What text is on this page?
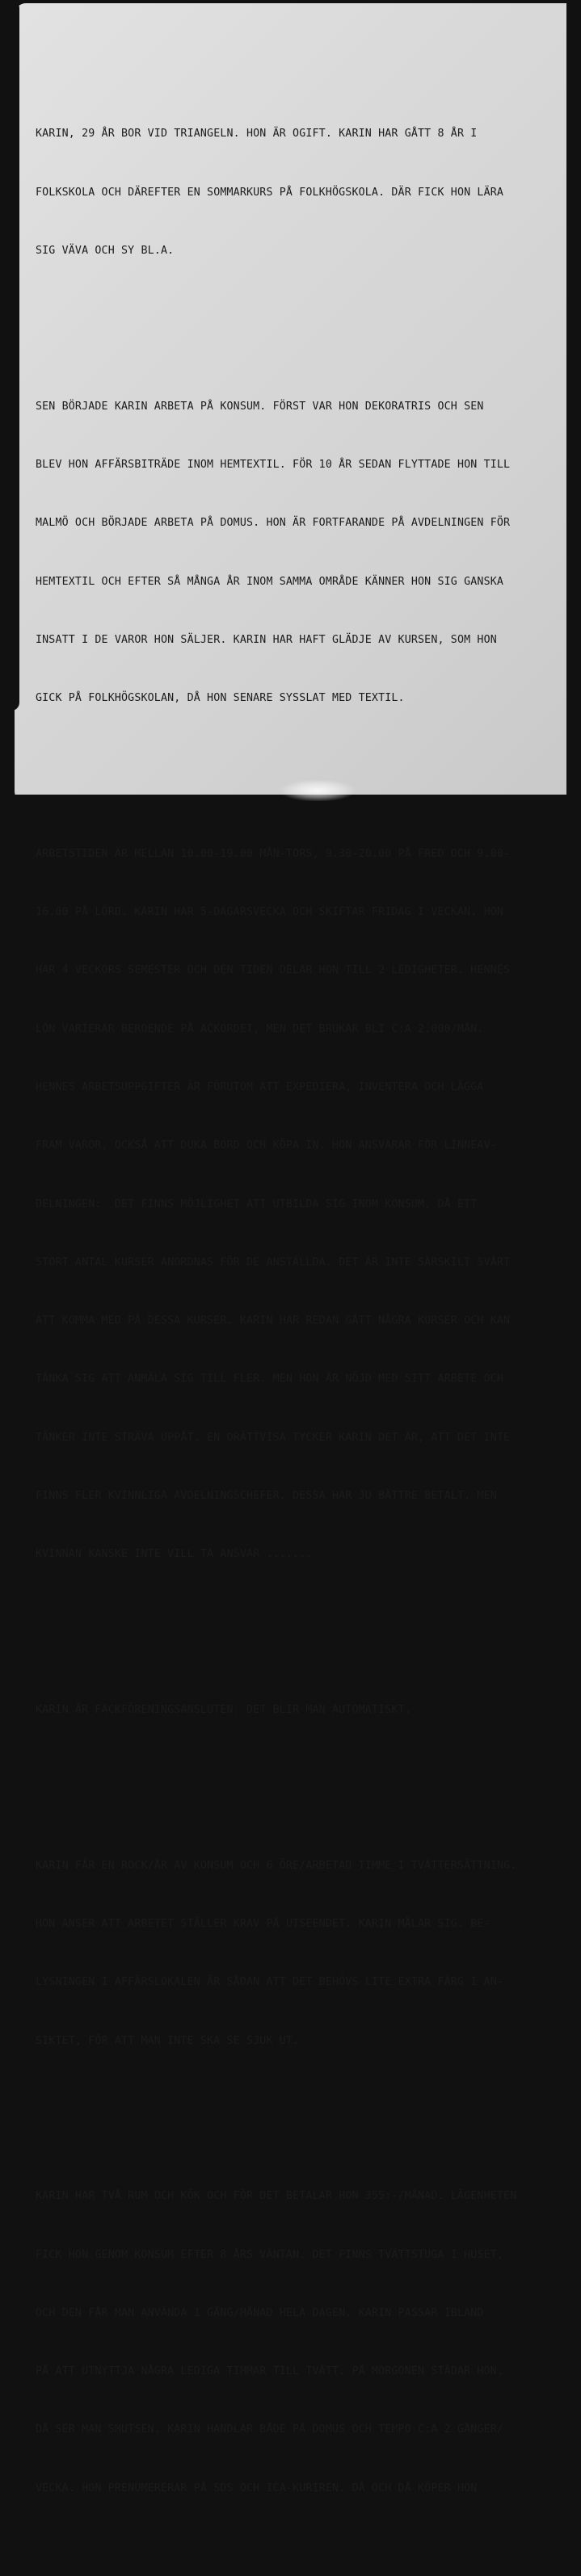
KARIN, 29 ÅR BOR VID TRIANGELN. HON ÄR OGIFT. KARIN HAR GÅTT 8 ÅR I

FOLKSKOLA OCH DÄREFTER EN SOMMARKURS PÅ FOLKHÖGSKOLA. DÄR FICK HON LÄRA

SIG VÄVA OCH SY BL.A.

SEN BÖRJADE KARIN ARBETA PÅ KONSUM. FÖRST VAR HON DEKORATRIS OCH SEN

BLEV HON AFFÄRSBITRÄDE INOM HEMTEXTIL. FÖR 10 ÅR SEDAN FLYTTADE HON TILL

MALMÖ OCH BÖRJADE ARBETA PÅ DOMUS. HON ÄR FORTFARANDE PÅ AVDELNINGEN FÖR

HEMTEXTIL OCH EFTER SÅ MÅNGA ÅR INOM SAMMA OMRÅDE KÄNNER HON SIG GANSKA

INSATT I DE VAROR HON SÄLJER. KARIN HAR HAFT GLÄDJE AV KURSEN, SOM HON

GICK PÅ FOLKHÖGSKOLAN, DÅ HON SENARE SYSSLAT MED TEXTIL.

ARBETSTIDEN ÄR MELLAN 10.00-19.00 MÅN-TORS, 9.30-20.00 PÅ FRED OCH 9.00-

16.00 PÅ LÖRD. KARIN HAR 5-DAGARSVECKA OCH SKIFTAR FRIDAG I VECKAN. HON

HAR 4 VECKORS SEMESTER OCH DEN TIDEN DELAR HON TILL 2 LEDIGHETER. HENNES

LÖN VARIERAR BEROENDE PÅ ACKORDET, MEN DET BRUKAR BLI C:A 2.000/MÅN.

HENNES ARBETSUPPGIFTER ÄR FÖRUTOM ATT EXPEDIERA, INVENTERA OCH LÄGGA

FRAM VAROR, OCKSÅ ATT DUKA BORD OCH KÖPA IN. HON ANSVARAR FÖR LINNEAV-

DELNINGEN:  DET FINNS MÖJLIGHET ATT UTBILDA SIG INOM KONSUM, DÅ ETT

STORT ANTAL KURSER ANORDNAS FÖR DE ANSTÄLLDA. DET ÄR INTE SÄRSKILT SVÅRT

ATT KOMMA MED PÅ DESSA KURSER. KARIN HAR REDAN GÅTT NÅGRA KURSER OCH KAN

TÄNKA SIG ATT ANMÄLA SIG TILL FLER. MEN HON ÄR NÖJD MED SITT ARBETE OCH

TÄNKER INTE STRÄVA UPPÅT. EN ORÄTTVISA TYCKER KARIN DET ÄR, ATT DET INTE

FINNS FLER KVINNLIGA AVDELNINGSCHEFER. DESSA HAR JU BÄTTRE BETALT. MEN

KVINNAN KANSKE INTE VILL TA ANSVAR .......

KARIN ÄR FACKFÖRENINGSANSLUTEN. DET BLIR MAN AUTOMATISKT.

KARIN FÅR EN ROCK/ÅR AV KONSUM OCH 6 ÖRE/ARBETAD TIMME I TVÄTTERSÄTTNING.

HON ANSER ATT ARBETET STÄLLER KRAV PÅ UTSEENDET. KARIN MÅLAR SIG. BE-

LYSNINGEN I AFFÄRSLOKALEN ÄR SÅDAN ATT DET BEHÖVS LITE EXTRA FÄRG I AN-

SIKTET, FÖR ATT MAN INTE SKA SE SJUK UT.

KARIN HAR TVÅ RUM OCH KÖK OCH FÖR DET BETALAR HON 355:-/MÅNAD. LÄGENHETEN

FICK HON GENOM KONSUM EFTER 8 ÅRS VÄNTAN. DET FINNS TVÄTTSTUGA I HUSET,

OCH DEN FÅR MAN ANVÄNDA 1 GÅNG/MÅNAD HELA DAGEN. KARIN PASSAR IBLAND

PÅ ATT UTNYTTJA NÅGRA LEDIGA TIMMAR TILL TVÄTT. PÅ MORGONEN STÄDAR HON.

DÅ SER MAN SMUTSEN. KARIN HANDLAR BÅDE PÅ DOMUS OCH TEMPO C:A 2 GÅNGER/

VECKA. HON PRENUMERERAR PÅ SDS OCH ICA-KURIREN. DÅ OCH DÅ KÖPER HON
